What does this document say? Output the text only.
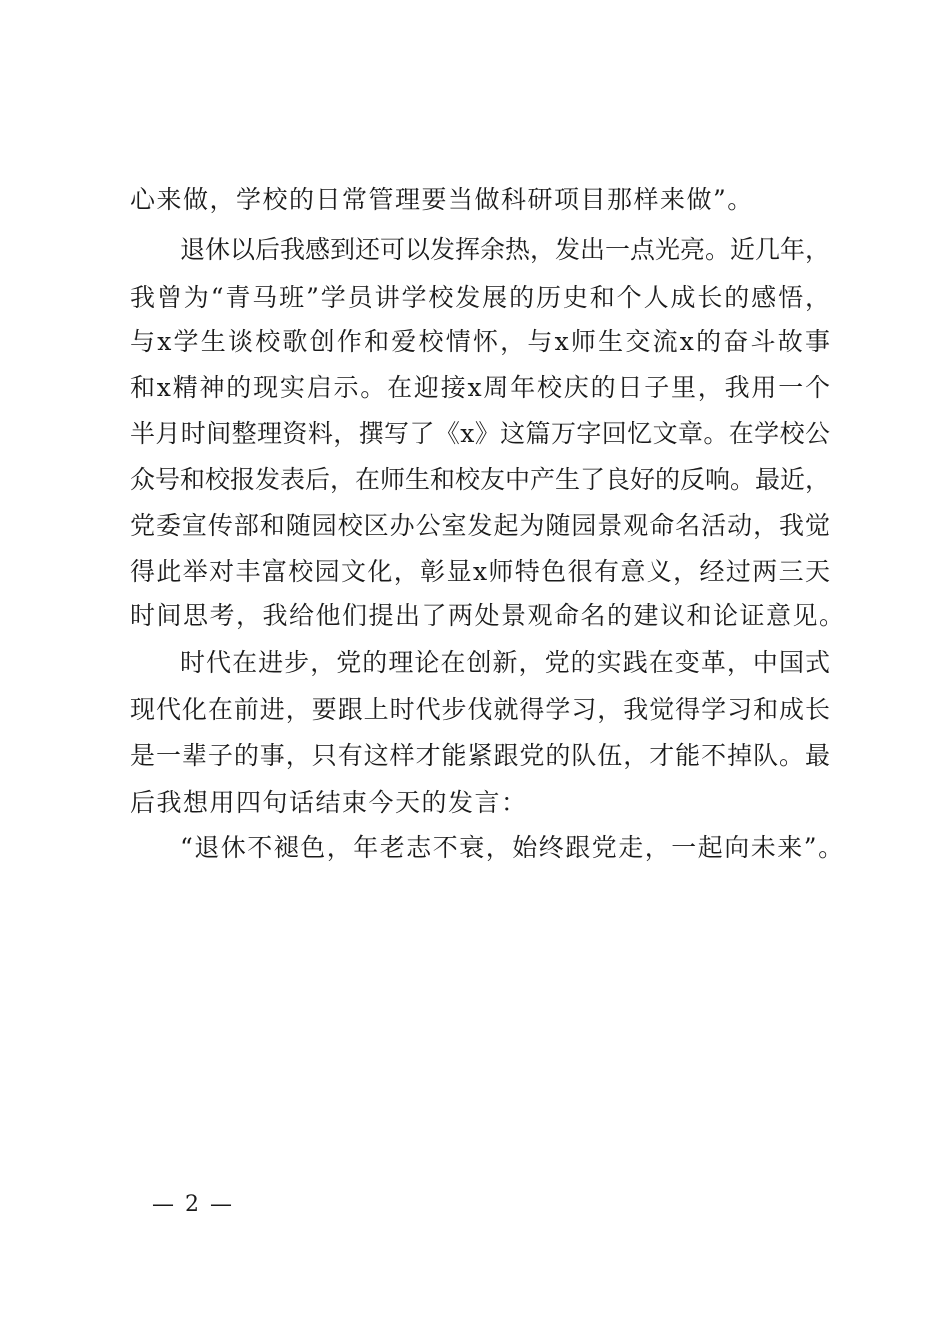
心来做，学校的日常管理要当做科研项目那样来做”。
退休以后我感到还可以发挥余热，发出一点光亮。近几年，
我曾为“青马班”学员讲学校发展的历史和个人成长的感悟，
与x学生谈校歌创作和爱校情怀，与x师生交流x的奋斗故事
和x精神的现实启示。在迎接x周年校庆的日子里，我用一个
半月时间整理资料，撰写了《x》这篇万字回忆文章。在学校公
众号和校报发表后，在师生和校友中产生了良好的反响。最近，
党委宣传部和随园校区办公室发起为随园景观命名活动，我觉
得此举对丰富校园文化，彰显x师特色很有意义，经过两三天
时间思考，我给他们提出了两处景观命名的建议和论证意见。
时代在进步，党的理论在创新，党的实践在变革，中国式
现代化在前进，要跟上时代步伐就得学习，我觉得学习和成长
是一辈子的事，只有这样才能紧跟党的队伍，才能不掉队。最
后我想用四句话结束今天的发言：
“退休不褪色，年老志不衰，始终跟党走，一起向未来”。
— 2 —
